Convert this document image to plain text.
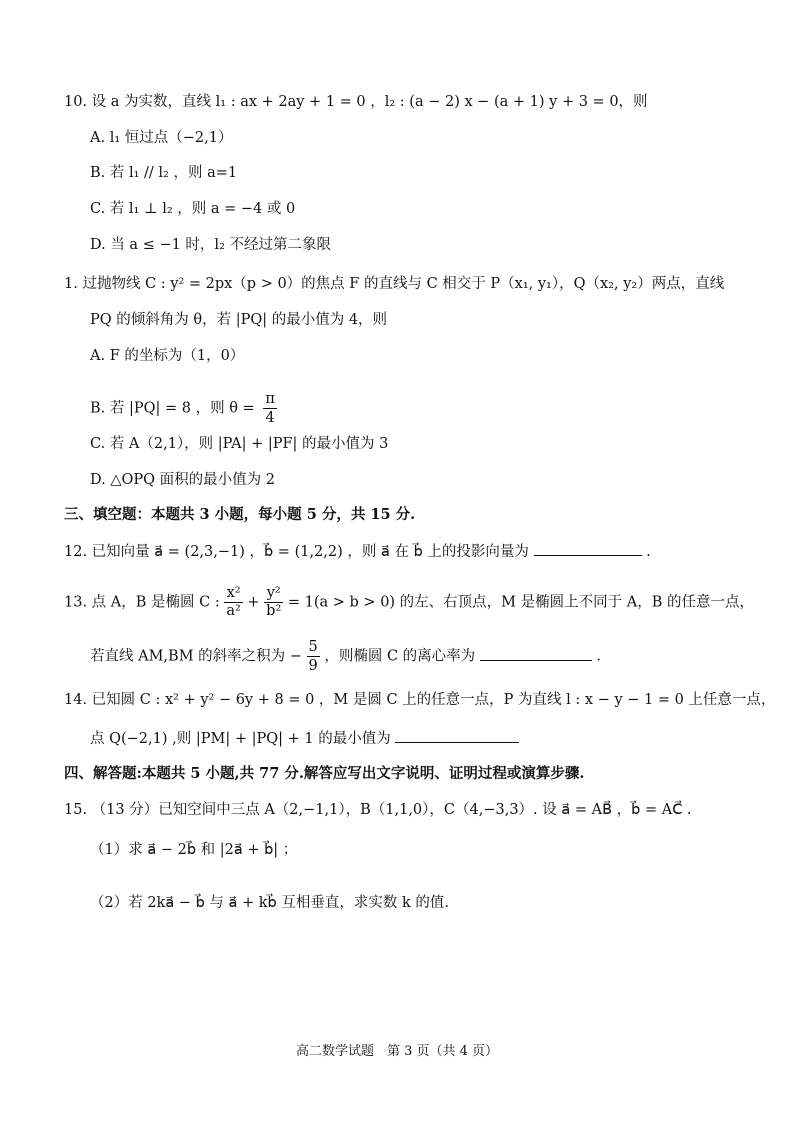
10. 设 a 为实数，直线 l₁ : ax + 2ay + 1 = 0 ，l₂ : (a − 2) x − (a + 1) y + 3 = 0，则
A. l₁ 恒过点（−2,1）
B. 若 l₁ // l₂ ，则 a=1
C. 若 l₁ ⊥ l₂ ，则 a = −4 或 0
D. 当 a ≤ −1 时，l₂ 不经过第二象限
1. 过抛物线 C : y² = 2px（p > 0）的焦点 F 的直线与 C 相交于 P（x₁, y₁），Q（x₂, y₂）两点，直线
PQ 的倾斜角为 θ，若 |PQ| 的最小值为 4，则
A. F 的坐标为（1，0）
B. 若 |PQ| = 8 ，则 $\theta = \frac{\pi}{4}$
C. 若 A（2,1），则 |PA| + |PF| 的最小值为 3
D. △OPQ 面积的最小值为 2
三、填空题：本题共 3 小题，每小题 5 分，共 15 分.
12. 已知向量 a⃗ = (2,3,−1) ，b⃗ = (1,2,2) ，则 a⃗ 在 b⃗ 上的投影向量为	.
13. 点 A，B 是椭圆 C : $\frac{\text{x²}}{\text{a²}} + \frac{\text{y²}}{\text{b²}} = 1(a > b > 0)$ 的左、右顶点，M 是椭圆上不同于 A，B 的任意一点，
若直线 AM,BM 的斜率之积为 − $\frac{5}{9}$ ，则椭圆 C 的离心率为	.
14. 已知圆 C : x² + y² − 6y + 8 = 0 ，M 是圆 C 上的任意一点，P 为直线 l : x − y − 1 = 0 上任意一点，
点 Q(−2,1) ,则 |PM| + |PQ| + 1 的最小值为
四、解答题:本题共 5 小题,共 77 分.解答应写出文字说明、证明过程或演算步骤.
15. （13 分）已知空间中三点 A（2,−1,1），B（1,1,0），C（4,−3,3）. 设 a⃗ = AB⃗ ，b⃗ = AC⃗ .
（1）求 a⃗ − 2b⃗ 和 |2a⃗ + b⃗| ；
（2）若 2ka⃗ − b⃗ 与 a⃗ + kb⃗ 互相垂直，求实数 k 的值.
高二数学试题　第 3 页（共 4 页）
